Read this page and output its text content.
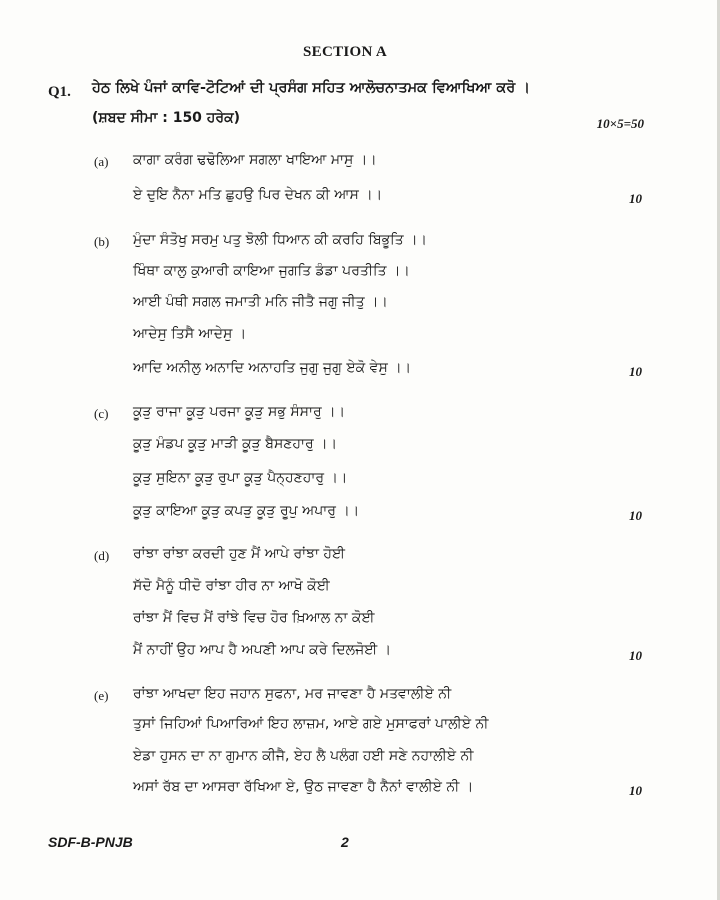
SECTION A
Q1. ਹੇਠ ਲਿਖੇ ਪੰਜਾਂ ਕਾਵਿ-ਟੋਟਿਆਂ ਦੀ ਪ੍ਰਸੰਗ ਸਹਿਤ ਆਲੋਚਨਾਤਮਕ ਵਿਆਖਿਆ ਕਰੋ ।
(ਸ਼ਬਦ ਸੀਮਾ : 150 ਹਰੇਕ)	10×5=50
(a) ਕਾਗਾ ਕਰੰਗ ਢਢੋਲਿਆ ਸਗਲਾ ਖਾਇਆ ਮਾਸੁ ।।
ਏ ਦੁਇ ਨੈਨਾ ਮਤਿ ਛੁਹਉ ਪਿਰ ਦੇਖਨ ਕੀ ਆਸ ।।	10
(b) ਮੁੰਦਾ ਸੰਤੋਖੁ ਸਰਮੁ ਪਤੁ ਝੋਲੀ ਧਿਆਨ ਕੀ ਕਰਹਿ ਬਿਭੂਤਿ ।।
ਖਿੰਥਾ ਕਾਲੁ ਕੁਆਰੀ ਕਾਇਆ ਜੁਗਤਿ ਡੰਡਾ ਪਰਤੀਤਿ ।।
ਆਈ ਪੰਥੀ ਸਗਲ ਜਮਾਤੀ ਮਨਿ ਜੀਤੈ ਜਗੁ ਜੀਤੁ ।।
ਆਦੇਸੁ ਤਿਸੈ ਆਦੇਸੁ ।
ਆਦਿ ਅਨੀਲੁ ਅਨਾਦਿ ਅਨਾਹਤਿ ਜੁਗੁ ਜੁਗੁ ਏਕੋ ਵੇਸੁ ।।	10
(c) ਕੂੜੁ ਰਾਜਾ ਕੂੜੁ ਪਰਜਾ ਕੂੜੁ ਸਭੁ ਸੰਸਾਰੁ ।।
ਕੂੜੁ ਮੰਡਪ ਕੂੜੁ ਮਾੜੀ ਕੂੜੁ ਬੈਸਣਹਾਰੁ ।।
ਕੂੜੁ ਸੁਇਨਾ ਕੂੜੁ ਰੁਪਾ ਕੂੜੁ ਪੈਨ੍ਹਣਹਾਰੁ ।।
ਕੂੜੁ ਕਾਇਆ ਕੂੜੁ ਕਪੜੁ ਕੂੜੁ ਰੂਪੁ ਅਪਾਰੁ ।।	10
(d) ਰਾਂਝਾ ਰਾਂਝਾ ਕਰਦੀ ਹੁਣ ਮੈਂ ਆਪੇ ਰਾਂਝਾ ਹੋਈ
ਸੱਦੋ ਮੈਨੂੰ ਧੀਦੋ ਰਾਂਝਾ ਹੀਰ ਨਾ ਆਖੋ ਕੋਈ
ਰਾਂਝਾ ਮੈਂ ਵਿਚ ਮੈਂ ਰਾਂਝੇ ਵਿਚ ਹੋਰ ਖ਼ਿਆਲ ਨਾ ਕੋਈ
ਮੈਂ ਨਾਹੀਂ ਉਹ ਆਪ ਹੈ ਅਪਣੀ ਆਪ ਕਰੇ ਦਿਲਜੋਈ ।	10
(e) ਰਾਂਝਾ ਆਖਦਾ ਇਹ ਜਹਾਨ ਸੁਫਨਾ, ਮਰ ਜਾਵਣਾ ਹੈ ਮਤਵਾਲੀਏ ਨੀ
ਤੁਸਾਂ ਜਿਹਿਆਂ ਪਿਆਰਿਆਂ ਇਹ ਲਾਜ਼ਮ, ਆਏ ਗਏ ਮੁਸਾਫਰਾਂ ਪਾਲੀਏ ਨੀ
ਏਡਾ ਹੁਸਨ ਦਾ ਨਾ ਗੁਮਾਨ ਕੀਜੈ, ਏਹ ਲੈ ਪਲੰਗ ਹਈ ਸਣੇ ਨਹਾਲੀਏ ਨੀ
ਅਸਾਂ ਰੱਬ ਦਾ ਆਸਰਾ ਰੱਖਿਆ ਏ, ਉਠ ਜਾਵਣਾ ਹੈ ਨੈਨਾਂ ਵਾਲੀਏ ਨੀ ।	10
SDF-B-PNJB	2
